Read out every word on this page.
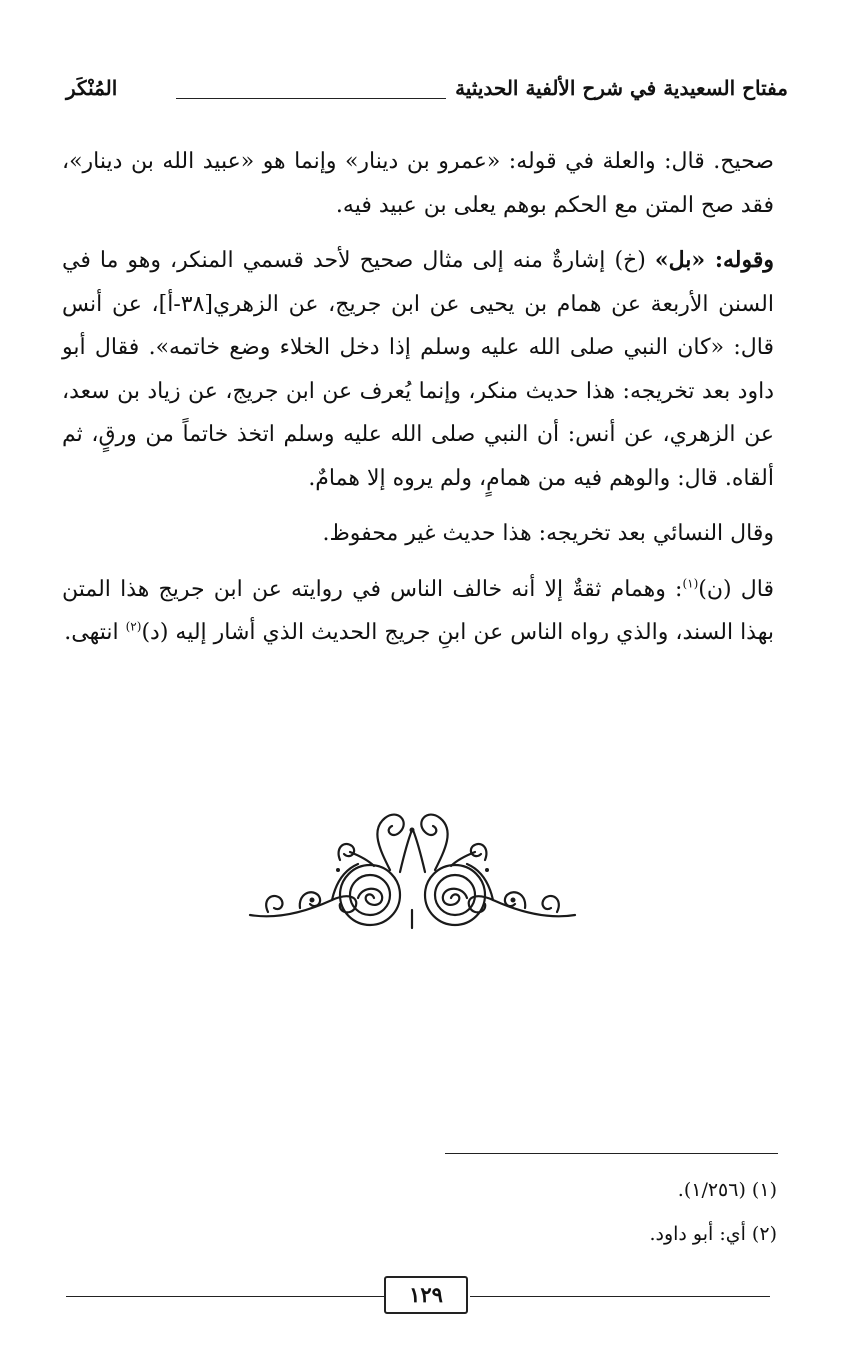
مفتاح السعيدية في شرح الألفية الحديثية
المُنْكَر

صحيح. قال: والعلة في قوله: «عمرو بن دينار» وإنما هو «عبيد الله بن دينار»، فقد صح المتن مع الحكم بوهم يعلى بن عبيد فيه.

وقوله: «بل» (خ) إشارةٌ منه إلى مثال صحيح لأحد قسمي المنكر، وهو ما في السنن الأربعة عن همام بن يحيى عن ابن جريج، عن الزهري[٣٨-أ]، عن أنس قال: «كان النبي صلى الله عليه وسلم إذا دخل الخلاء وضع خاتمه». فقال أبو داود بعد تخريجه: هذا حديث منكر، وإنما يُعرف عن ابن جريج، عن زياد بن سعد، عن الزهري، عن أنس: أن النبي صلى الله عليه وسلم اتخذ خاتماً من ورقٍ، ثم ألقاه. قال: والوهم فيه من همامٍ، ولم يروه إلا همامٌ.

وقال النسائي بعد تخريجه: هذا حديث غير محفوظ.

قال (ن)$^{(١)}$: وهمام ثقةٌ إلا أنه خالف الناس في روايته عن ابن جريج هذا المتن بهذا السند، والذي رواه الناس عن ابنِ جريج الحديث الذي أشار إليه (د)$^{(٢)}$ انتهى.

(١) (١/٢٥٦).

(٢) أي: أبو داود.

١٢٩
